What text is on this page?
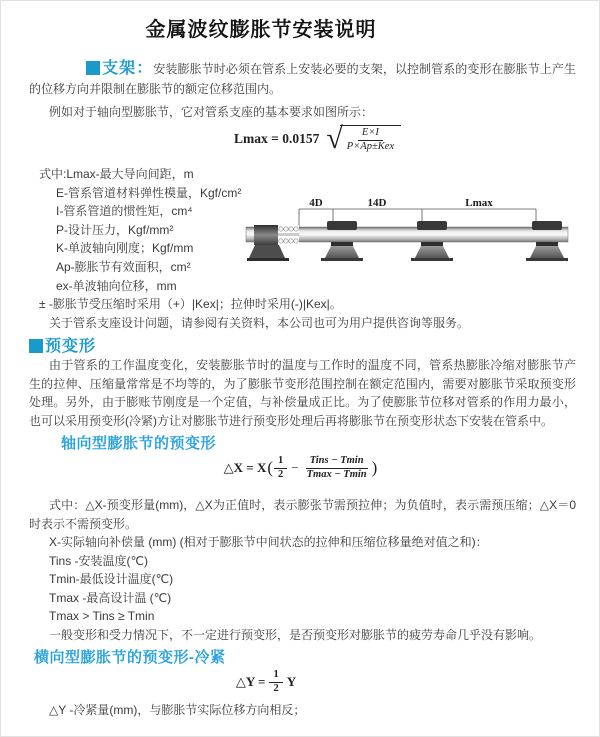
金属波纹膨胀节安装说明

支架：安装膨胀节时必须在管系上安装必要的支架，以控制管系的变形在膨胀节上产生的位移方向并限制在膨胀节的额定位移范围内。

例如对于轴向型膨胀节，它对管系支座的基本要求如图所示：

Lmax = 0.0157 √ $\frac{E\times I}{\text{P×Ap±Kex}}$

式中:Lmax-最大导向间距，m

E-管系管道材料弹性模量，Kgf/cm²

I-管系管道的惯性矩，cm⁴

P-设计压力，Kgf/mm²

K-单波轴向刚度；Kgf/mm

Ap-膨胀节有效面积，cm²

ex-单波轴向位移，mm

± -膨胀节受压缩时采用（+）|Kex|；拉伸时采用(-)|Kex|。

关于管系支座设计问题，请参阅有关资料，本公司也可为用户提供咨询等服务。

4D	14D	Lmax
预变形

由于管系的工作温度变化，安装膨胀节时的温度与工作时的温度不同，管系热膨胀冷缩对膨胀节产生的拉伸、压缩量常常是不均等的，为了膨胀节变形范围控制在额定范围内，需要对膨胀节采取预变形处理。另外，由于膨账节刚度是一个定值，与补偿量成正比。为了使膨胀节位移对管系的作用力最小，也可以采用预变形(冷紧)方让对膨胀节进行预变形处理后再将膨胀节在预变形状态下安装在管系中。

轴向型膨胀节的预变形
△X = X ( $\frac{1}{2} - \frac{\text{Tins − Tmin}}{Tmax - Tmin}$ )

式中：△X-预变形量(mm)，△X为正值时，表示膨张节需预拉伸；为负值时，表示需预压缩；△X＝0时表示不需预变形。

X-实际轴向补偿量 (mm) (相对于膨胀节中间状态的拉伸和压缩位移量绝对值之和)：

Tins -安装温度(℃)

Tmin-最低设计温度(℃)

Tmax -最高设计温 (℃)

Tmax > Tins ≥ Tmin

一般变形和受力情况下，不一定进行预变形，是否预变形对膨胀节的疲劳寿命几乎没有影响。

横向型膨胀节的预变形-冷紧
△Y = $\frac{1}{2}$ Y

△Y -冷紧量(mm)，与膨胀节实际位移方向相反；
